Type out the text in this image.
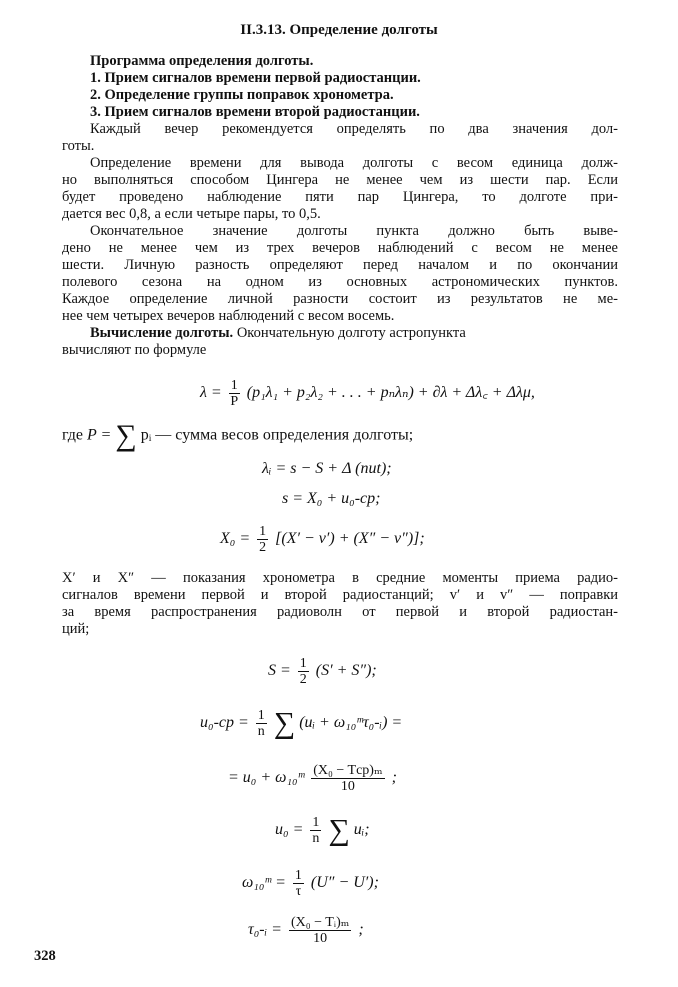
II.3.13. Определение долготы
Программа определения долготы.
1. Прием сигналов времени первой радиостанции.
2. Определение группы поправок хронометра.
3. Прием сигналов времени второй радиостанции.
Каждый вечер рекомендуется определять по два значения дол-
готы.
Определение времени для вывода долготы с весом единица долж-
но выполняться способом Цингера не менее чем из шести пар. Если
будет проведено наблюдение пяти пар Цингера, то долготе при-
дается вес 0,8, а если четыре пары, то 0,5.
Окончательное значение долготы пункта должно быть выве-
дено не менее чем из трех вечеров наблюдений с весом не менее
шести. Личную разность определяют перед началом и по окончании
полевого сезона на одном из основных астрономических пунктов.
Каждое определение личной разности состоит из результатов не ме-
нее чем четырех вечеров наблюдений с весом восемь.
Вычисление долготы. Окончательную долготу астропункта
вычисляют по формуле
$\lambda = \frac{1}{P} (p_1\lambda_1 + p_2\lambda_2$ + . . . + pₙλₙ) + ∂λ + Δλ꜀ + Δλμ,
где P = ∑ pᵢ — сумма весов определения долготы;
λᵢ = s − S + Δ (nut);
s = X₀ + u₀-ср;
$X_0 = \frac{1}{2} [(X' - v') + (X'' - v'')]$;
X′ и X″ — показания хронометра в средние моменты приема радио-
сигналов времени первой и второй радиостанций; v′ и v″ — поправки
за время распространения радиоволн от первой и второй радиостан-
ций;
$S = \frac{1}{2} (S' + S'')$;
$u_0-ср = \frac{1}{n}$ ∑ (uᵢ + ω₁₀ᵐτ₀-ᵢ) =
= u₀ + ω₁₀ᵐ $\frac{\text{(X₀ − Tср)ₘ}}{10}$ ;
$u_0 = \frac{1}{n}$ ∑ uᵢ;
ω₁₀ᵐ = $\frac{1}{\tau} (U'' - U')$;
τ₀-ᵢ = $\frac{\text{(X₀ − Tᵢ)ₘ}}{10}$ ;
328
